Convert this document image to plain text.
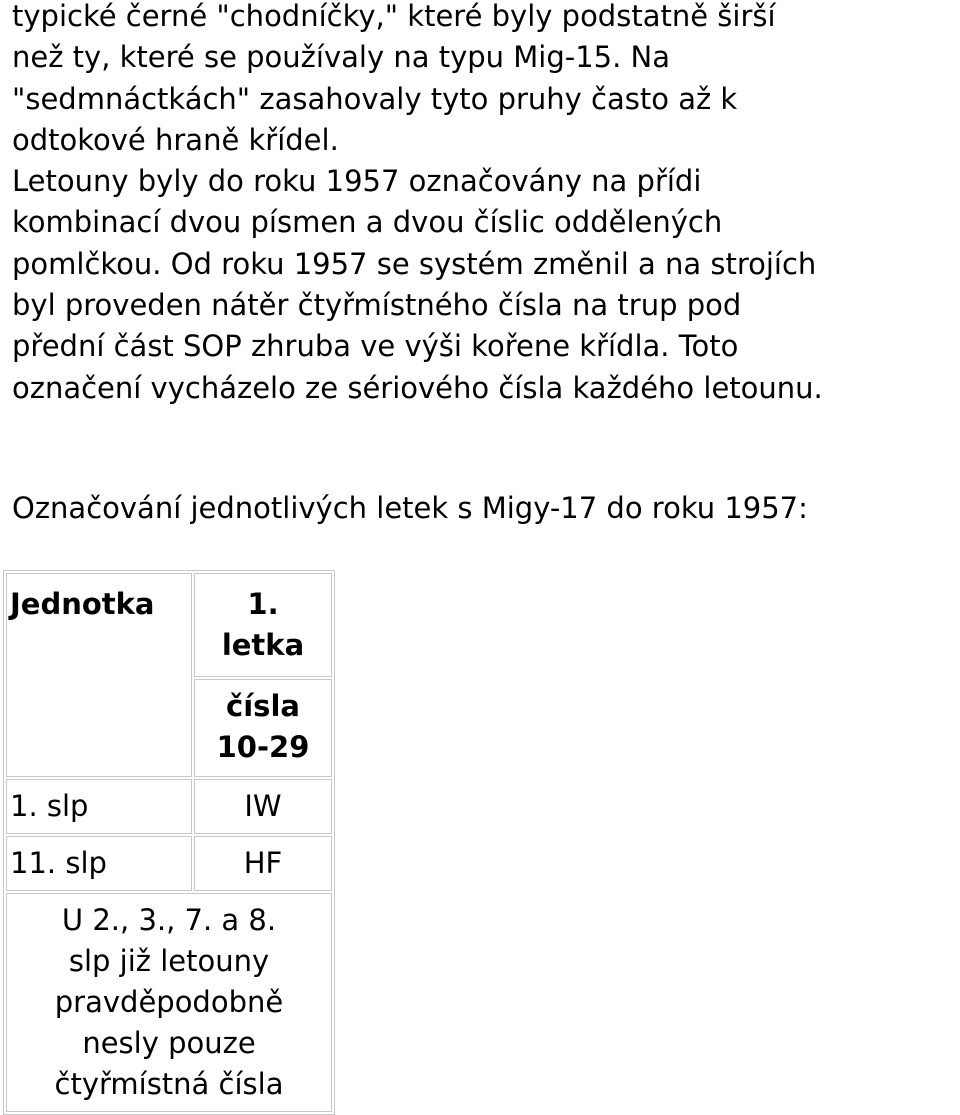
typické černé "chodníčky," které byly podstatně širší
než ty, které se používaly na typu Mig-15. Na
"sedmnáctkách" zasahovaly tyto pruhy často až k
odtokové hraně křídel.
Letouny byly do roku 1957 označovány na přídi
kombinací dvou písmen a dvou číslic oddělených
pomlčkou. Od roku 1957 se systém změnil a na strojích
byl proveden nátěr čtyřmístného čísla na trup pod
přední část SOP zhruba ve výši kořene křídla. Toto
označení vycházelo ze sériového čísla každého letounu.
Označování jednotlivých letek s Migy-17 do roku 1957:
Jednotka	1.
letka

	čísla
10-29

1. slp	IW
11. slp	HF

U 2., 3., 7. a 8.
slp již letouny
pravděpodobně
nesly pouze
čtyřmístná čísla	
